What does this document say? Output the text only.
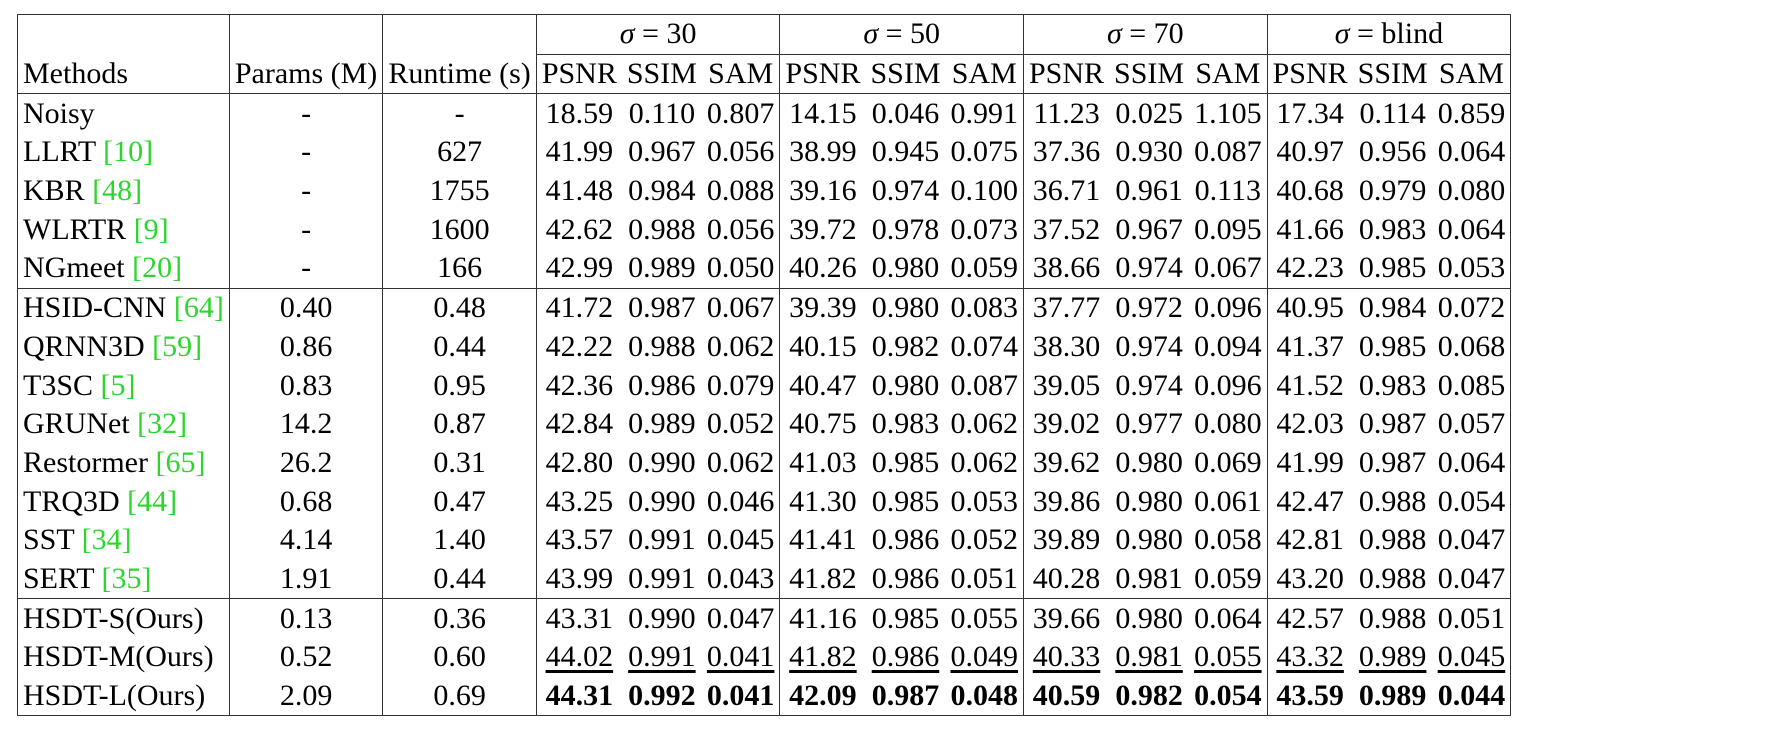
			σ = 30			σ = 50			σ = 70			σ = blind		
Methods	Params (M)	Runtime (s)	PSNR	SSIM	SAM	PSNR	SSIM	SAM	PSNR	SSIM	SAM	PSNR	SSIM	SAM
Noisy	-	-	18.59	0.110	0.807	14.15	0.046	0.991	11.23	0.025	1.105	17.34	0.114	0.859
LLRT [10]	-	627	41.99	0.967	0.056	38.99	0.945	0.075	37.36	0.930	0.087	40.97	0.956	0.064
KBR [48]	-	1755	41.48	0.984	0.088	39.16	0.974	0.100	36.71	0.961	0.113	40.68	0.979	0.080
WLRTR [9]	-	1600	42.62	0.988	0.056	39.72	0.978	0.073	37.52	0.967	0.095	41.66	0.983	0.064
NGmeet [20]	-	166	42.99	0.989	0.050	40.26	0.980	0.059	38.66	0.974	0.067	42.23	0.985	0.053
HSID-CNN [64]	0.40	0.48	41.72	0.987	0.067	39.39	0.980	0.083	37.77	0.972	0.096	40.95	0.984	0.072
QRNN3D [59]	0.86	0.44	42.22	0.988	0.062	40.15	0.982	0.074	38.30	0.974	0.094	41.37	0.985	0.068
T3SC [5]	0.83	0.95	42.36	0.986	0.079	40.47	0.980	0.087	39.05	0.974	0.096	41.52	0.983	0.085
GRUNet [32]	14.2	0.87	42.84	0.989	0.052	40.75	0.983	0.062	39.02	0.977	0.080	42.03	0.987	0.057
Restormer [65]	26.2	0.31	42.80	0.990	0.062	41.03	0.985	0.062	39.62	0.980	0.069	41.99	0.987	0.064
TRQ3D [44]	0.68	0.47	43.25	0.990	0.046	41.30	0.985	0.053	39.86	0.980	0.061	42.47	0.988	0.054
SST [34]	4.14	1.40	43.57	0.991	0.045	41.41	0.986	0.052	39.89	0.980	0.058	42.81	0.988	0.047
SERT [35]	1.91	0.44	43.99	0.991	0.043	41.82	0.986	0.051	40.28	0.981	0.059	43.20	0.988	0.047
HSDT-S(Ours)	0.13	0.36	43.31	0.990	0.047	41.16	0.985	0.055	39.66	0.980	0.064	42.57	0.988	0.051
HSDT-M(Ours)	0.52	0.60	44.02	0.991	0.041	41.82	0.986	0.049	40.33	0.981	0.055	43.32	0.989	0.045
HSDT-L(Ours)	2.09	0.69	44.31	0.992	0.041	42.09	0.987	0.048	40.59	0.982	0.054	43.59	0.989	0.044
